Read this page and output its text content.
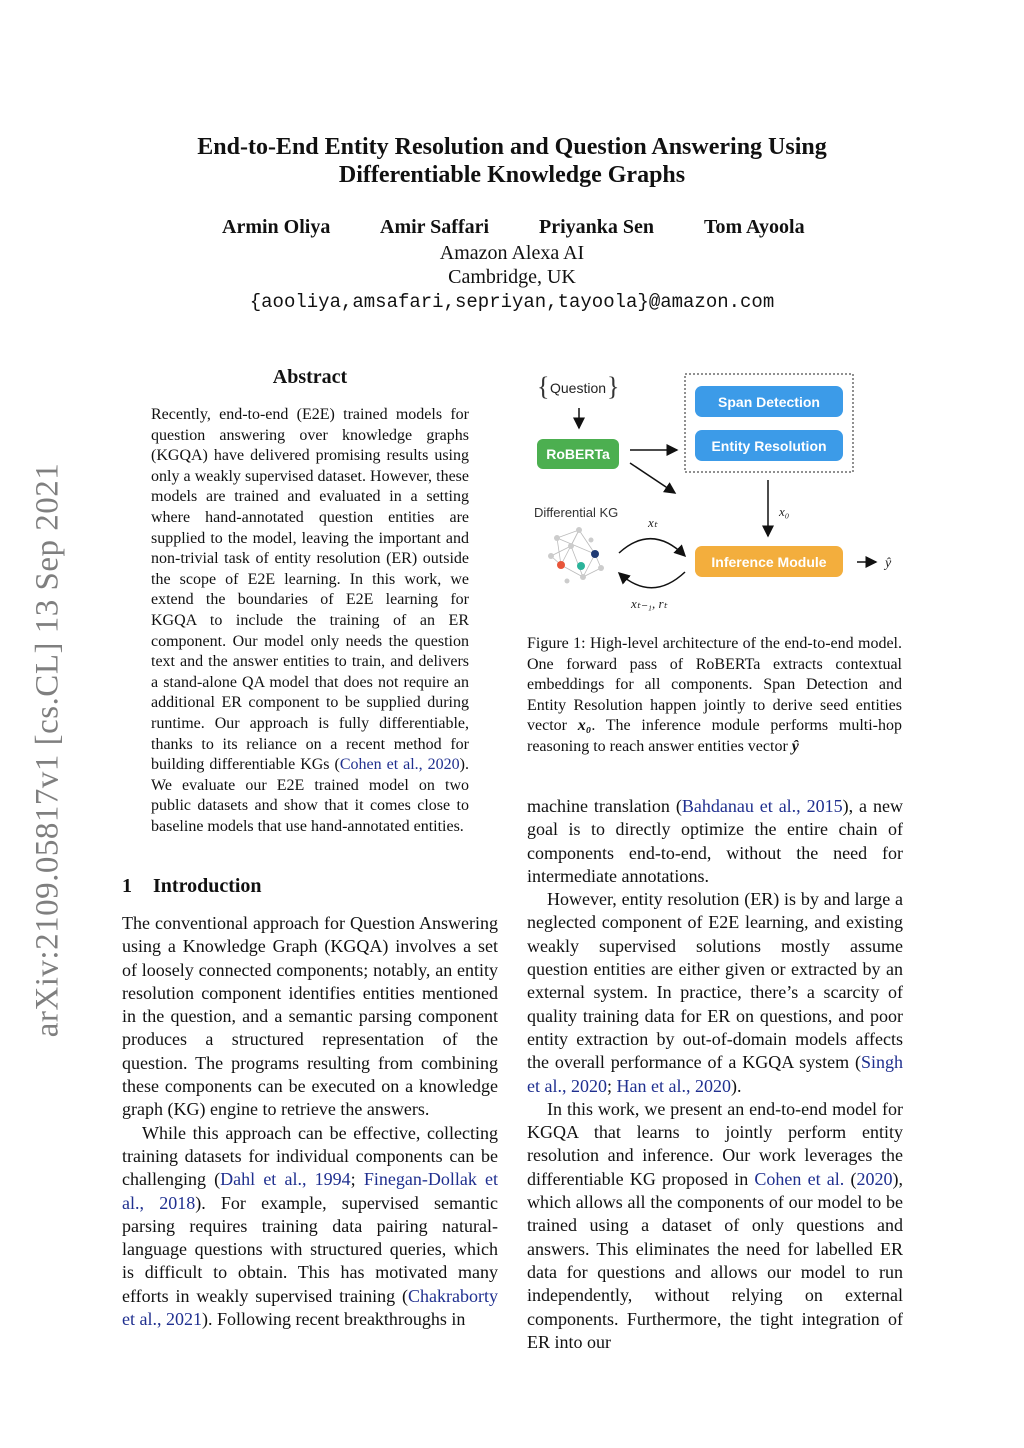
arXiv:2109.05817v1 [cs.CL] 13 Sep 2021
End-to-End Entity Resolution and Question Answering Using
Differentiable Knowledge Graphs
Armin Oliya Amir Saffari Priyanka Sen Tom Ayoola
Amazon Alexa AI
Cambridge, UK
{aooliya,amsafari,sepriyan,tayoola}@amazon.com
Abstract
Recently, end-to-end (E2E) trained models for question answering over knowledge graphs (KGQA) have delivered promising results using only a weakly supervised dataset. However, these models are trained and evaluated in a setting where hand-annotated question entities are supplied to the model, leaving the important and non-trivial task of entity resolution (ER) outside the scope of E2E learning. In this work, we extend the boundaries of E2E learning for KGQA to include the training of an ER component. Our model only needs the question text and the answer entities to train, and delivers a stand-alone QA model that does not require an additional ER component to be supplied during runtime. Our approach is fully differentiable, thanks to its reliance on a recent method for building differentiable KGs (Cohen et al., 2020). We evaluate our E2E trained model on two public datasets and show that it comes close to baseline models that use hand-annotated entities.
1 Introduction

The conventional approach for Question Answering using a Knowledge Graph (KGQA) involves a set of loosely connected components; notably, an entity resolution component identifies entities mentioned in the question, and a semantic parsing component produces a structured representation of the question. The programs resulting from combining these components can be executed on a knowledge graph (KG) engine to retrieve the answers.

While this approach can be effective, collecting training datasets for individual components can be challenging (Dahl et al., 1994; Finegan-Dollak et al., 2018). For example, supervised semantic parsing requires training data pairing natural-language questions with structured queries, which is difficult to obtain. This has motivated many efforts in weakly supervised training (Chakraborty et al., 2021). Following recent breakthroughs in

{ Question }
RoBERTa
Span Detection
Entity Resolution
Differential KG
xₜ
xₜ₋₁, rₜ
x₀
Inference Module	ŷ
Figure 1: High-level architecture of the end-to-end model. One forward pass of RoBERTa extracts contextual embeddings for all components. Span Detection and Entity Resolution happen jointly to derive seed entities vector x₀. The inference module performs multi-hop reasoning to reach answer entities vector ŷ

machine translation (Bahdanau et al., 2015), a new goal is to directly optimize the entire chain of components end-to-end, without the need for intermediate annotations.

However, entity resolution (ER) is by and large a neglected component of E2E learning, and existing weakly supervised solutions mostly assume question entities are either given or extracted by an external system. In practice, there’s a scarcity of quality training data for ER on questions, and poor entity extraction by out-of-domain models affects the overall performance of a KGQA system (Singh et al., 2020; Han et al., 2020).

In this work, we present an end-to-end model for KGQA that learns to jointly perform entity resolution and inference. Our work leverages the differentiable KG proposed in Cohen et al. (2020), which allows all the components of our model to be trained using a dataset of only questions and answers. This eliminates the need for labelled ER data for questions and allows our model to run independently, without relying on external components. Furthermore, the tight integration of ER into our
